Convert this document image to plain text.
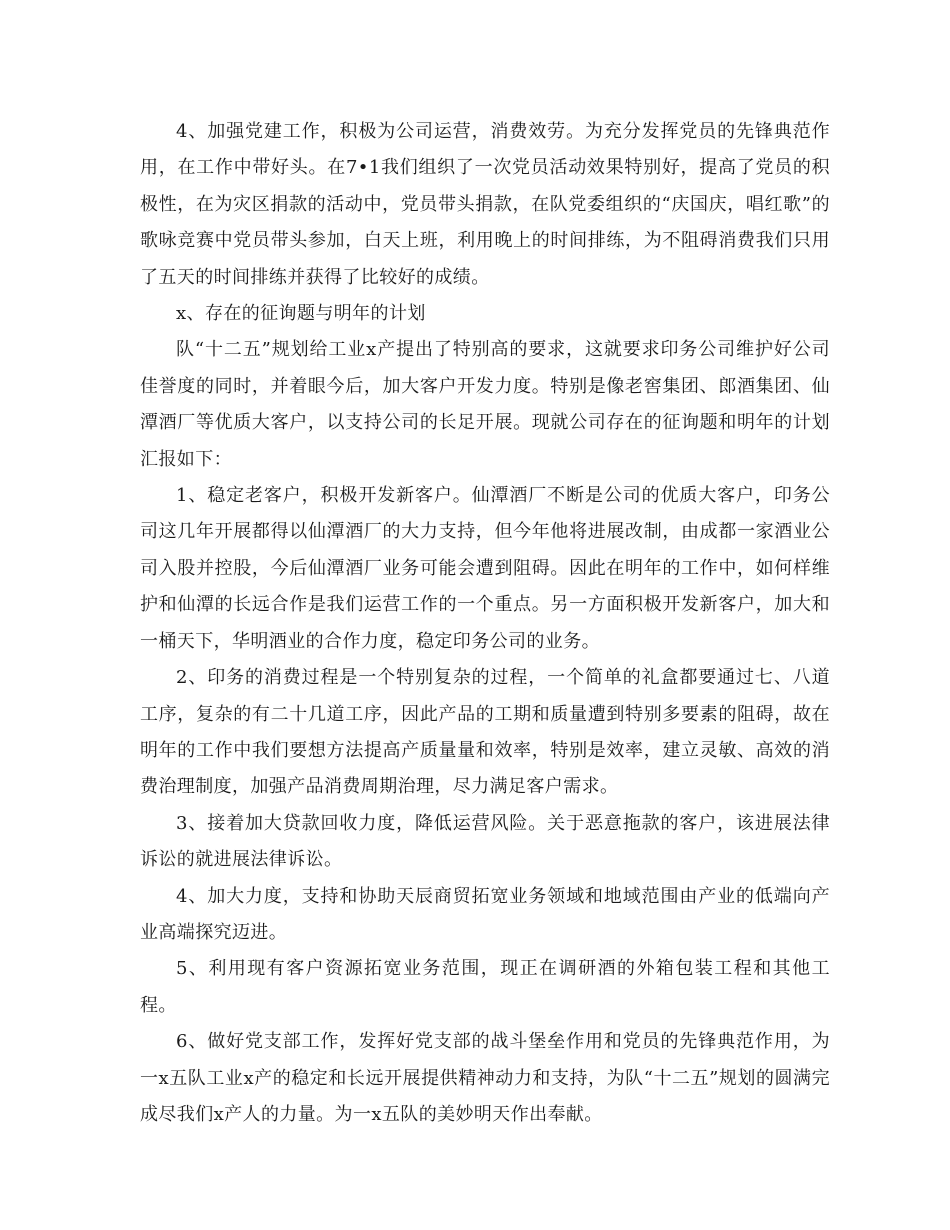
4、加强党建工作，积极为公司运营，消费效劳。为充分发挥党员的先锋典范作用，在工作中带好头。在7•1我们组织了一次党员活动效果特别好，提高了党员的积极性，在为灾区捐款的活动中，党员带头捐款，在队党委组织的“庆国庆，唱红歌”的歌咏竞赛中党员带头参加，白天上班，利用晚上的时间排练，为不阻碍消费我们只用了五天的时间排练并获得了比较好的成绩。

x、存在的征询题与明年的计划

队“十二五”规划给工业x产提出了特别高的要求，这就要求印务公司维护好公司佳誉度的同时，并着眼今后，加大客户开发力度。特别是像老窖集团、郎酒集团、仙潭酒厂等优质大客户，以支持公司的长足开展。现就公司存在的征询题和明年的计划汇报如下：

1、稳定老客户，积极开发新客户。仙潭酒厂不断是公司的优质大客户，印务公司这几年开展都得以仙潭酒厂的大力支持，但今年他将进展改制，由成都一家酒业公司入股并控股，今后仙潭酒厂业务可能会遭到阻碍。因此在明年的工作中，如何样维护和仙潭的长远合作是我们运营工作的一个重点。另一方面积极开发新客户，加大和一桶天下，华明酒业的合作力度，稳定印务公司的业务。

2、印务的消费过程是一个特别复杂的过程，一个简单的礼盒都要通过七、八道工序，复杂的有二十几道工序，因此产品的工期和质量遭到特别多要素的阻碍，故在明年的工作中我们要想方法提高产质量量和效率，特别是效率，建立灵敏、高效的消费治理制度，加强产品消费周期治理，尽力满足客户需求。

3、接着加大贷款回收力度，降低运营风险。关于恶意拖款的客户，该进展法律诉讼的就进展法律诉讼。

4、加大力度，支持和协助天辰商贸拓宽业务领域和地域范围由产业的低端向产业高端探究迈进。

5、利用现有客户资源拓宽业务范围，现正在调研酒的外箱包装工程和其他工程。

6、做好党支部工作，发挥好党支部的战斗堡垒作用和党员的先锋典范作用，为一x五队工业x产的稳定和长远开展提供精神动力和支持，为队“十二五”规划的圆满完成尽我们x产人的力量。为一x五队的美妙明天作出奉献。
